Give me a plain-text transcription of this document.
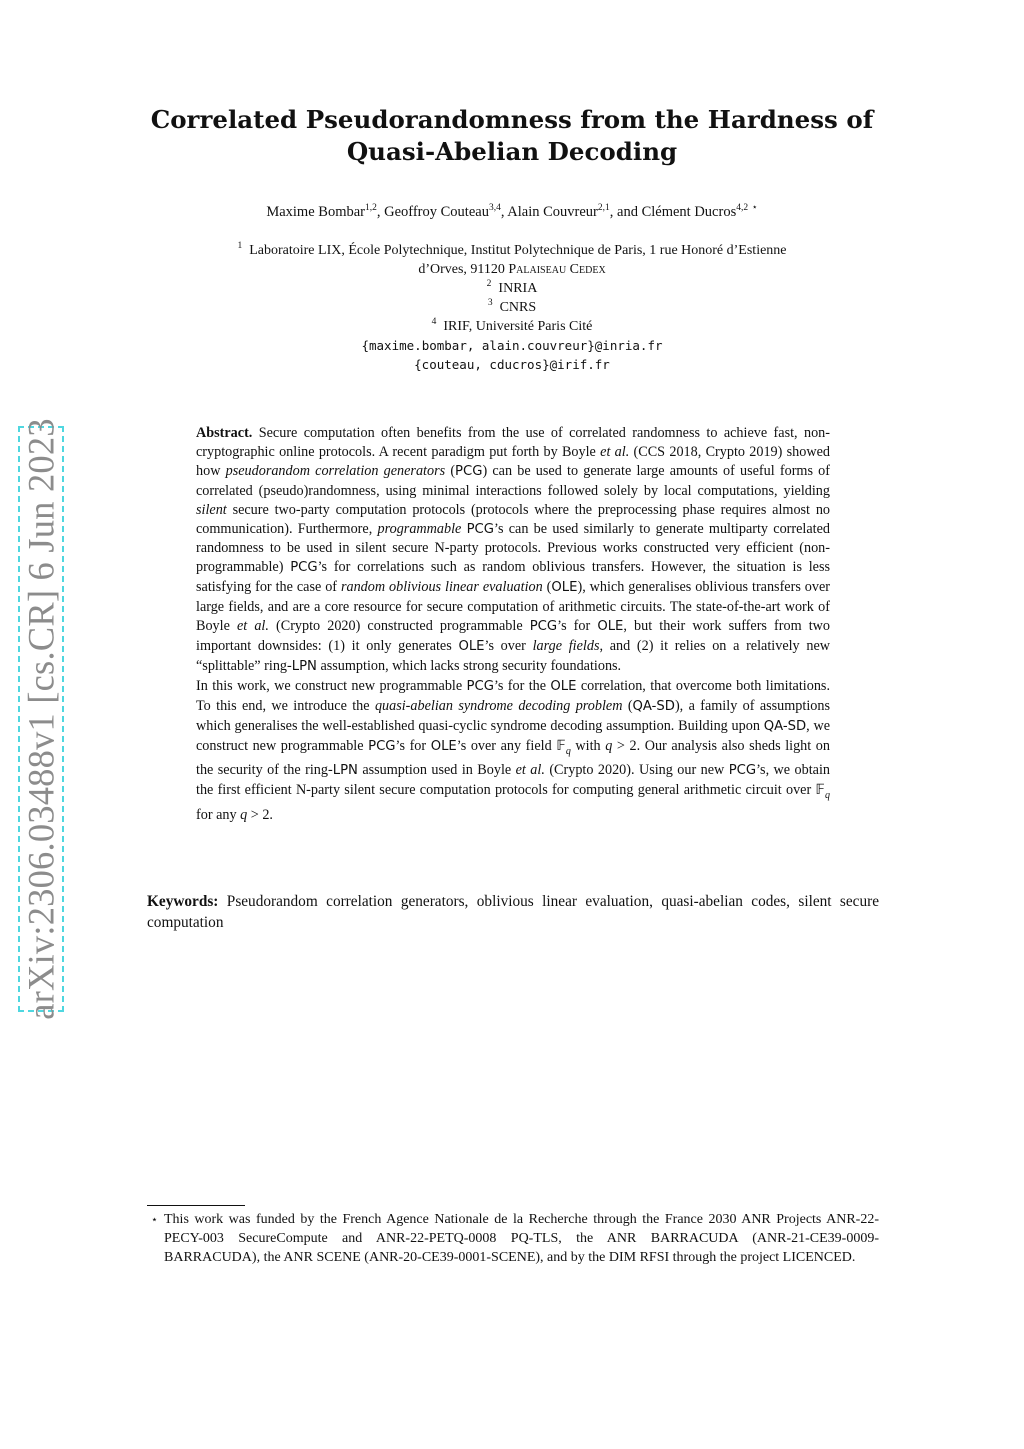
arXiv:2306.03488v1 [cs.CR] 6 Jun 2023
Correlated Pseudorandomness from the Hardness of
Quasi-Abelian Decoding
Maxime Bombar$^{1,2}$, Geoffroy Couteau$^{3,4}$, Alain Couvreur$^{2,1}$, and Clément Ducros$^{4,2}$ ⋆
$^1$ Laboratoire LIX, École Polytechnique, Institut Polytechnique de Paris, 1 rue Honoré d’Estienne
d’Orves, 91120 Palaiseau Cedex
$^2$ INRIA
$^3$ CNRS
$^4$ IRIF, Université Paris Cité
{maxime.bombar, alain.couvreur}@inria.fr
{couteau, cducros}@irif.fr

Abstract. Secure computation often benefits from the use of correlated randomness to achieve fast, non-cryptographic online protocols. A recent paradigm put forth by Boyle et al. (CCS 2018, Crypto 2019) showed how pseudorandom correlation generators (PCG) can be used to generate large amounts of useful forms of correlated (pseudo)randomness, using minimal interactions followed solely by local computations, yielding silent secure two-party computation protocols (protocols where the preprocessing phase requires almost no communication). Furthermore, programmable PCG’s can be used similarly to generate multiparty correlated randomness to be used in silent secure N-party protocols. Previous works constructed very efficient (non-programmable) PCG’s for correlations such as random oblivious transfers. However, the situation is less satisfying for the case of random oblivious linear evaluation (OLE), which generalises oblivious transfers over large fields, and are a core resource for secure computation of arithmetic circuits. The state-of-the-art work of Boyle et al. (Crypto 2020) constructed programmable PCG’s for OLE, but their work suffers from two important downsides: (1) it only generates OLE’s over large fields, and (2) it relies on a relatively new “splittable” ring-LPN assumption, which lacks strong security foundations.

In this work, we construct new programmable PCG’s for the OLE correlation, that overcome both limitations. To this end, we introduce the quasi-abelian syndrome decoding problem (QA-SD), a family of assumptions which generalises the well-established quasi-cyclic syndrome decoding assumption. Building upon QA-SD, we construct new programmable PCG’s for OLE’s over any field 𝔽$_q$ with q > 2. Our analysis also sheds light on the security of the ring-LPN assumption used in Boyle et al. (Crypto 2020). Using our new PCG’s, we obtain the first efficient N-party silent secure computation protocols for computing general arithmetic circuit over 𝔽$_q$ for any q > 2.

Keywords: Pseudorandom correlation generators, oblivious linear evaluation, quasi-abelian codes, silent secure computation
⋆ This work was funded by the French Agence Nationale de la Recherche through the France 2030 ANR Projects ANR-22-PECY-003 SecureCompute and ANR-22-PETQ-0008 PQ-TLS, the ANR BARRACUDA (ANR-21-CE39-0009-BARRACUDA), the ANR SCENE (ANR-20-CE39-0001-SCENE), and by the DIM RFSI through the project LICENCED.
